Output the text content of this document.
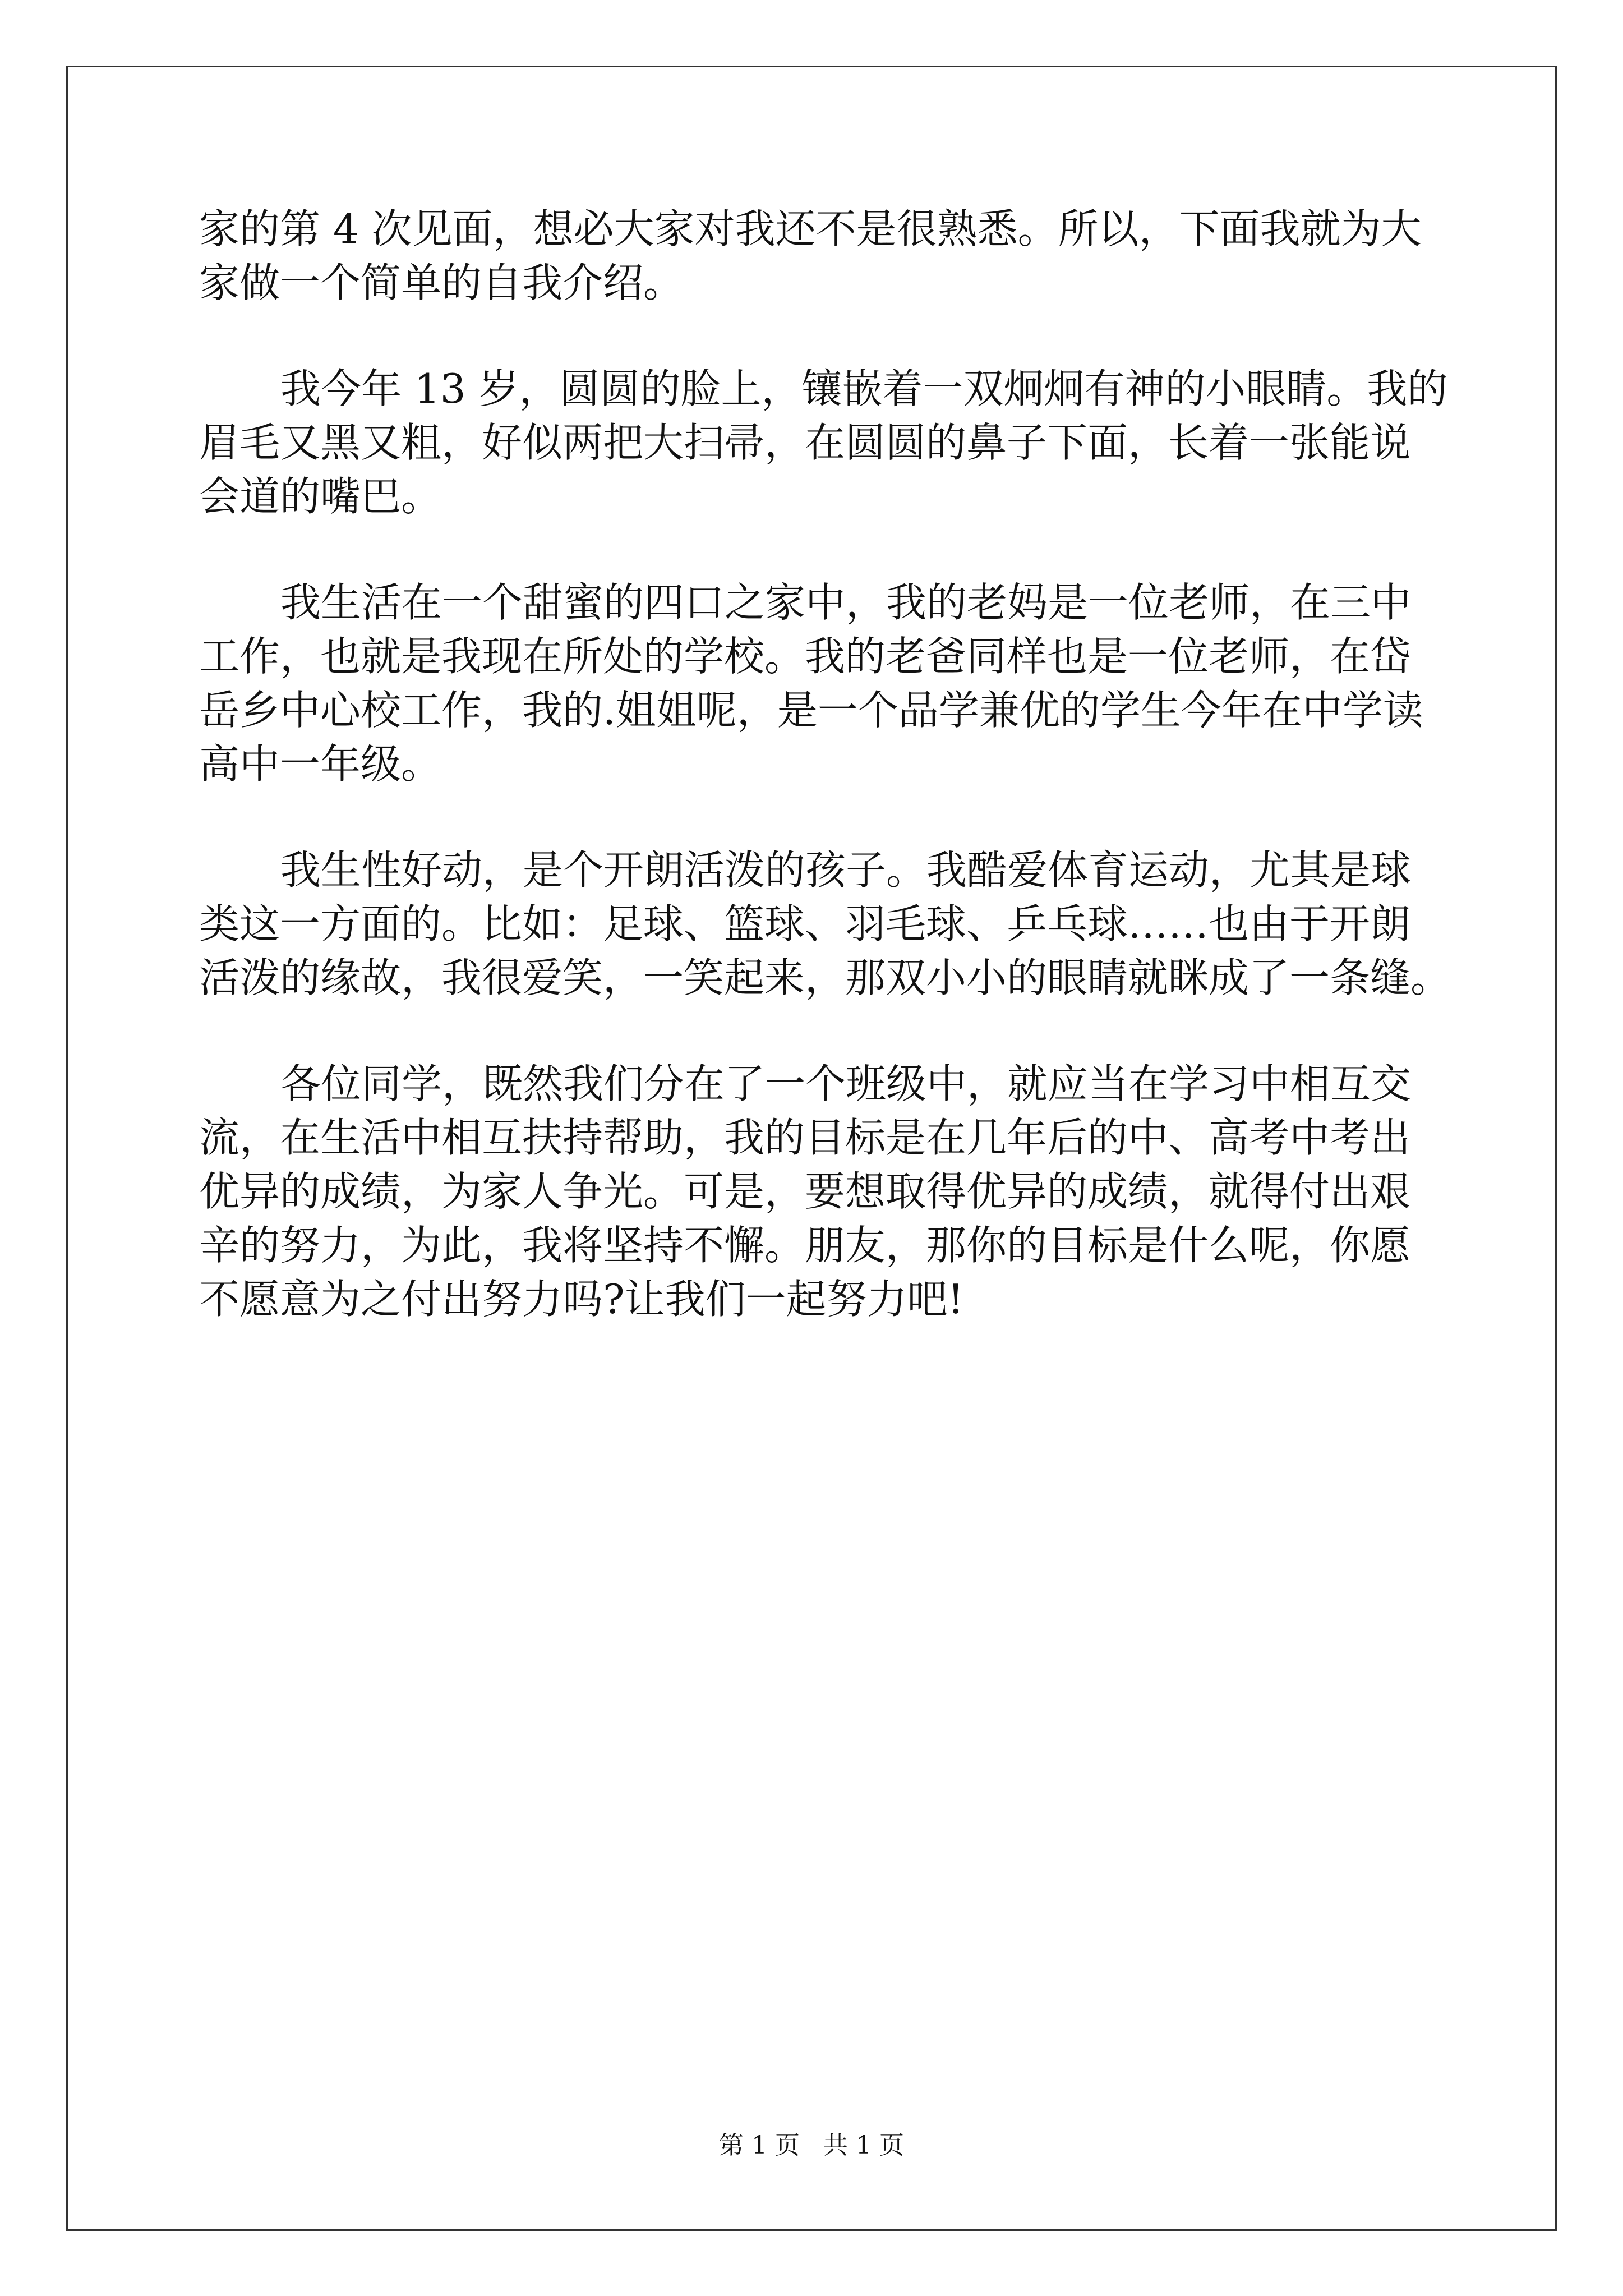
家的第 4 次见面，想必大家对我还不是很熟悉。所以，下面我就为大
家做一个简单的自我介绍。
我今年 13 岁，圆圆的脸上，镶嵌着一双炯炯有神的小眼睛。我的
眉毛又黑又粗，好似两把大扫帚，在圆圆的鼻子下面，长着一张能说
会道的嘴巴。
我生活在一个甜蜜的四口之家中，我的老妈是一位老师，在三中
工作，也就是我现在所处的学校。我的老爸同样也是一位老师，在岱
岳乡中心校工作，我的.姐姐呢，是一个品学兼优的学生今年在中学读
高中一年级。
我生性好动，是个开朗活泼的孩子。我酷爱体育运动，尤其是球
类这一方面的。比如：足球、篮球、羽毛球、乒乓球……也由于开朗
活泼的缘故，我很爱笑，一笑起来，那双小小的眼睛就眯成了一条缝。
各位同学，既然我们分在了一个班级中，就应当在学习中相互交
流，在生活中相互扶持帮助，我的目标是在几年后的中、高考中考出
优异的成绩，为家人争光。可是，要想取得优异的成绩，就得付出艰
辛的努力，为此，我将坚持不懈。朋友，那你的目标是什么呢，你愿
不愿意为之付出努力吗?让我们一起努力吧!
第 1 页   共 1 页
